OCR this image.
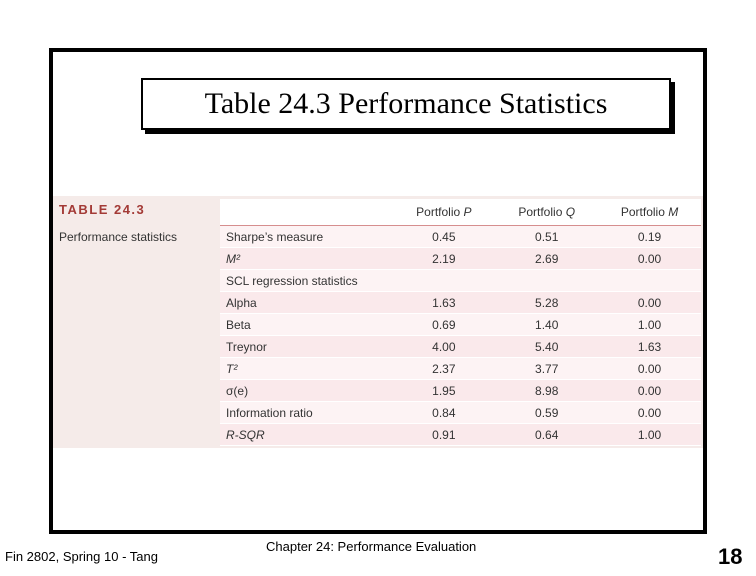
Table 24.3 Performance Statistics
TABLE 24.3
Performance statistics
	Portfolio P	Portfolio Q	Portfolio M
Sharpe’s measure	0.45	0.51	0.19
M²	2.19	2.69	0.00
SCL regression statistics			
Alpha	1.63	5.28	0.00
Beta	0.69	1.40	1.00
Treynor	4.00	5.40	1.63
T²	2.37	3.77	0.00
σ(e)	1.95	8.98	0.00
Information ratio	0.84	0.59	0.00
R-SQR	0.91	0.64	1.00
Fin 2802, Spring 10 - Tang
Chapter 24: Performance Evaluation	18
